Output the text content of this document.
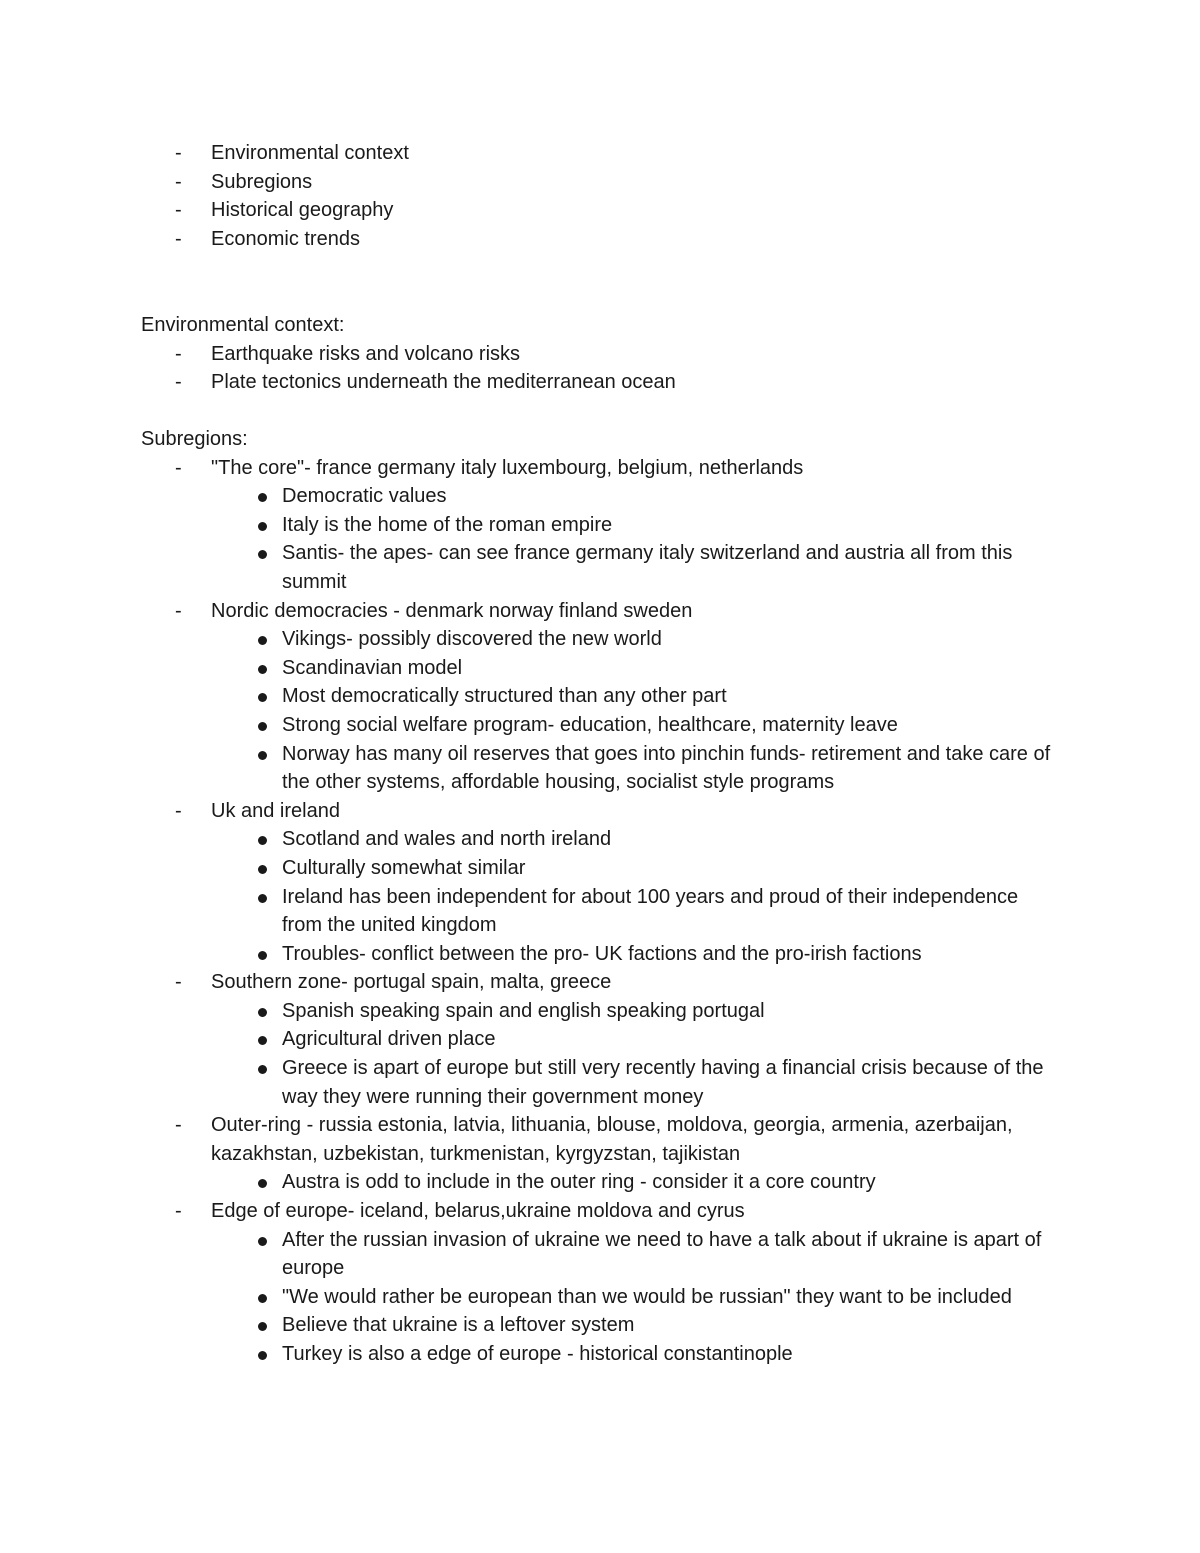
-	Environmental context
-	Subregions
-	Historical geography
-	Economic trends

Environmental context:

-	Earthquake risks and volcano risks
-	Plate tectonics underneath the mediterranean ocean

Subregions:

-	"The core"- france germany italy luxembourg, belgium, netherlands
Democratic values
Italy is the home of the roman empire
Santis- the apes- can see france germany italy switzerland and austria all from this summit
-	Nordic democracies - denmark norway finland sweden
Vikings- possibly discovered the new world
Scandinavian model
Most democratically structured than any other part
Strong social welfare program- education, healthcare, maternity leave
Norway has many oil reserves that goes into pinchin funds- retirement and take care of the other systems, affordable housing, socialist style programs
-	Uk and ireland
Scotland and wales and north ireland
Culturally somewhat similar
Ireland has been independent for about 100 years and proud of their independence from the united kingdom
Troubles- conflict between the pro- UK factions and the pro-irish factions
-	Southern zone- portugal spain, malta, greece
Spanish speaking spain and english speaking portugal
Agricultural driven place
Greece is apart of europe but still very recently having a financial crisis because of the way they were running their government money
-	Outer-ring - russia estonia, latvia, lithuania, blouse, moldova, georgia, armenia, azerbaijan, kazakhstan, uzbekistan, turkmenistan, kyrgyzstan, tajikistan
Austra is odd to include in the outer ring - consider it a core country
-	Edge of europe- iceland, belarus,ukraine moldova and cyrus
After the russian invasion of ukraine we need to have a talk about if ukraine is apart of europe
"We would rather be european than we would be russian" they want to be included
Believe that ukraine is a leftover system
Turkey is also a edge of europe - historical constantinople
